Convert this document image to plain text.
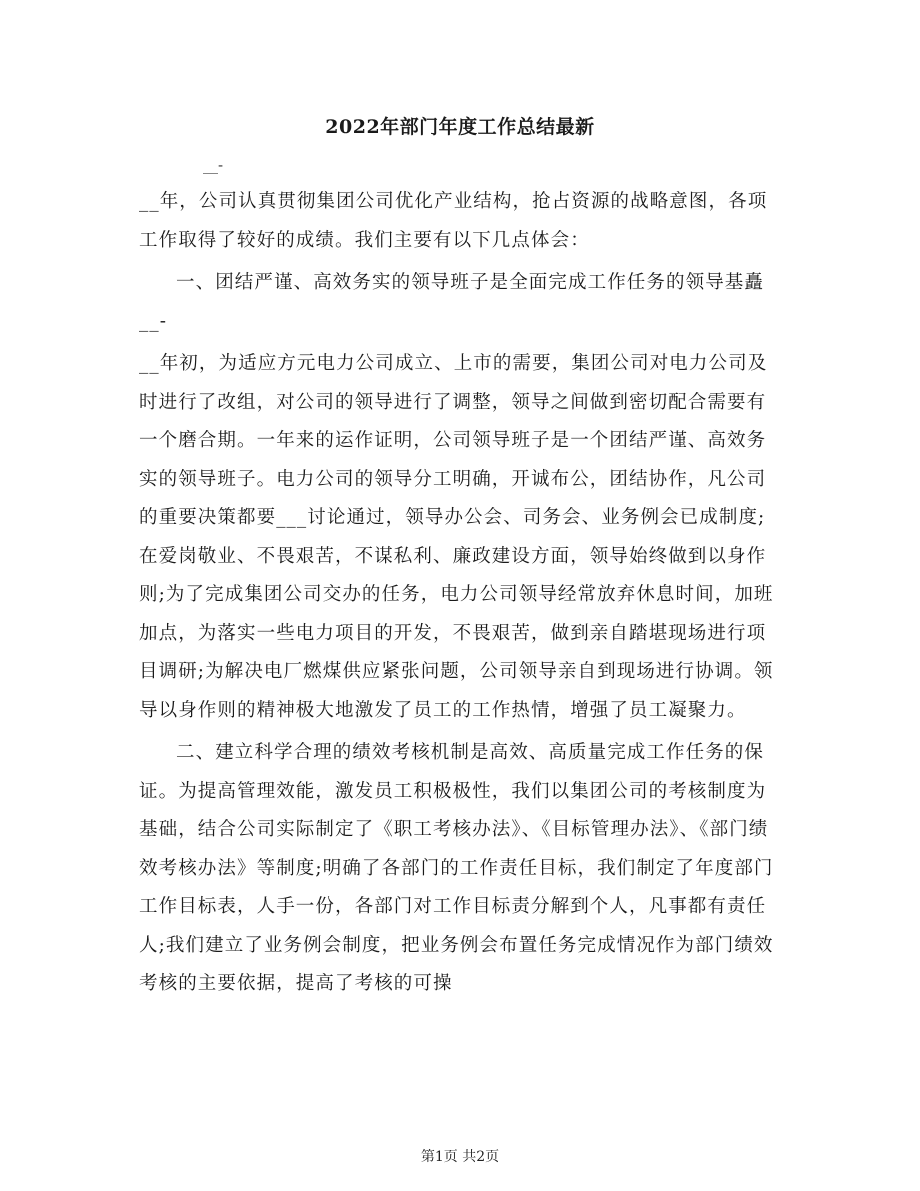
2022年部门年度工作总结最新
__-

__年，公司认真贯彻集团公司优化产业结构，抢占资源的战略意图，各项工作取得了较好的成绩。我们主要有以下几点体会：

一、团结严谨、高效务实的领导班子是全面完成工作任务的领导基矗__-

__年初，为适应方元电力公司成立、上市的需要，集团公司对电力公司及时进行了改组，对公司的领导进行了调整，领导之间做到密切配合需要有一个磨合期。一年来的运作证明，公司领导班子是一个团结严谨、高效务实的领导班子。电力公司的领导分工明确，开诚布公，团结协作，凡公司的重要决策都要___讨论通过，领导办公会、司务会、业务例会已成制度;在爱岗敬业、不畏艰苦，不谋私利、廉政建设方面，领导始终做到以身作则;为了完成集团公司交办的任务，电力公司领导经常放弃休息时间，加班加点，为落实一些电力项目的开发，不畏艰苦，做到亲自踏堪现场进行项目调研;为解决电厂燃煤供应紧张问题，公司领导亲自到现场进行协调。领导以身作则的精神极大地激发了员工的工作热情，增强了员工凝聚力。

二、建立科学合理的绩效考核机制是高效、高质量完成工作任务的保证。为提高管理效能，激发员工积极极性，我们以集团公司的考核制度为基础，结合公司实际制定了《职工考核办法》、《目标管理办法》、《部门绩效考核办法》等制度;明确了各部门的工作责任目标，我们制定了年度部门工作目标表，人手一份，各部门对工作目标责分解到个人，凡事都有责任人;我们建立了业务例会制度，把业务例会布置任务完成情况作为部门绩效考核的主要依据，提高了考核的可操

第1页 共2页
